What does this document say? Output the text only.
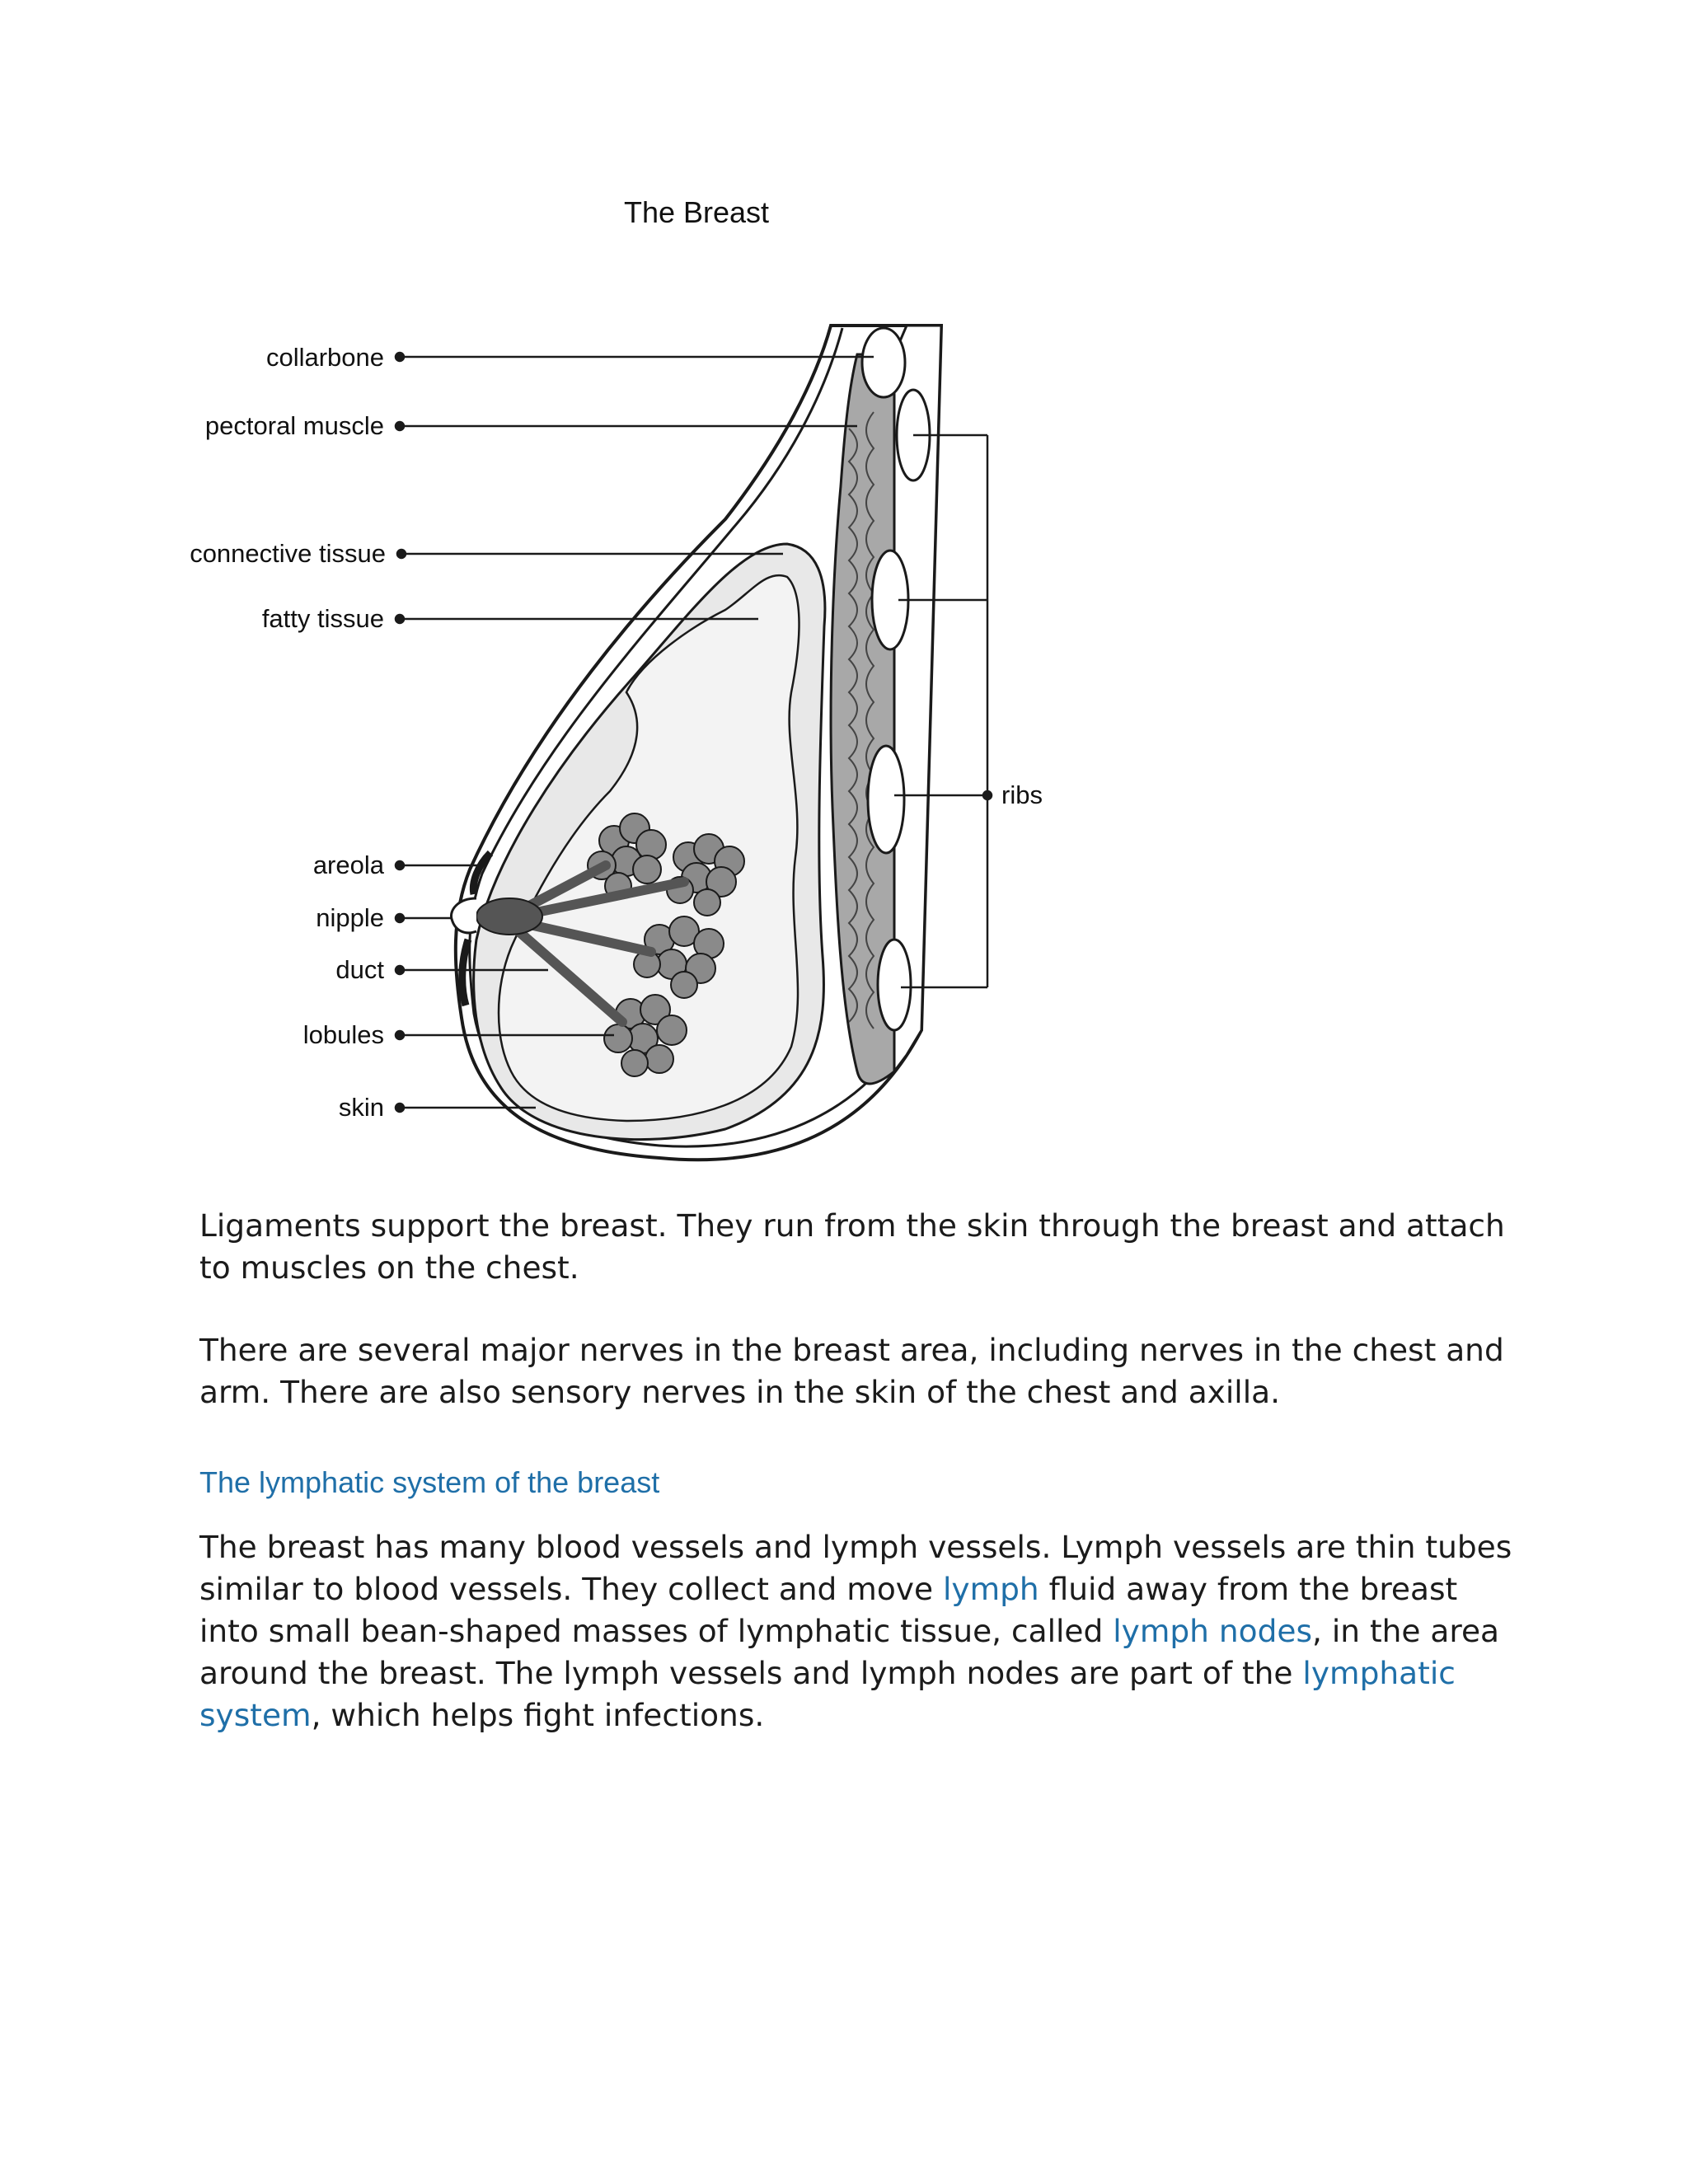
The Breast
collarbone
pectoral muscle
connective tissue
fatty tissue
areola
nipple
duct
lobules
skin
ribs

Ligaments support the breast. They run from the skin through the breast and attach to muscles on the chest.

There are several major nerves in the breast area, including nerves in the chest and arm. There are also sensory nerves in the skin of the chest and axilla.

The lymphatic system of the breast

The breast has many blood vessels and lymph vessels. Lymph vessels are thin tubes similar to blood vessels. They collect and move lymph fluid away from the breast into small bean-shaped masses of lymphatic tissue, called lymph nodes, in the area around the breast. The lymph vessels and lymph nodes are part of the lymphatic system, which helps fight infections.
